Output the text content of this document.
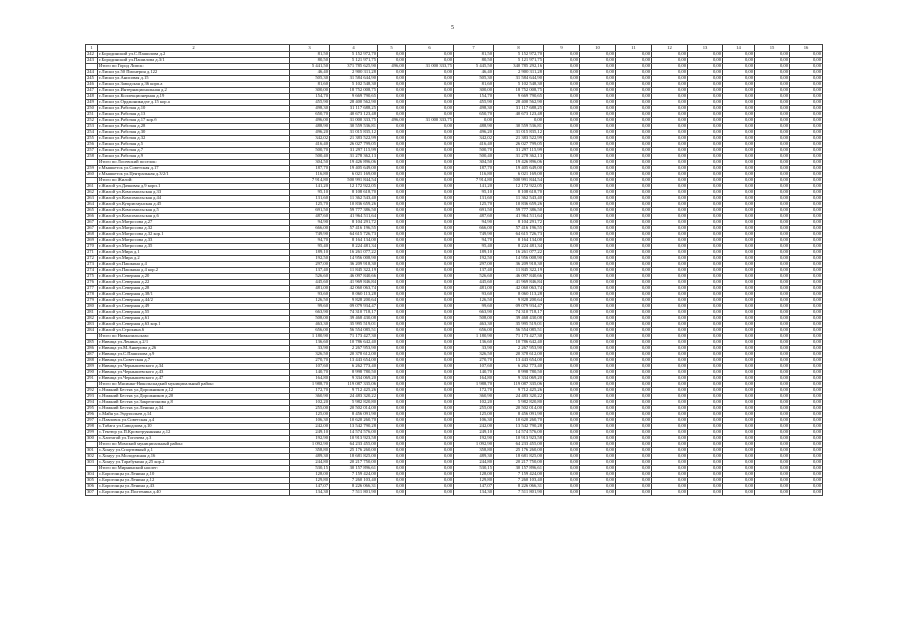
5
1	2	3	4	5	6	7	8	9	10	11	12	13	14	15	16
242	г.Бородинский ул.С.Пашилова д.2	81,50	5 152 972,70	0,00	0,00	81,50	5 152 972,70	0,00	0,00	0,00	0,00	0,00	0,00	0,00	0,00
243	г.Бородинский ул.Пашилова д.3/1	80,50	5 121 971,75	0,00	0,00	80,50	5 121 971,75	0,00	0,00	0,00	0,00	0,00	0,00	0,00	0,00
	Итого по Город Липск:	5 441,50	371 785 625,90	496,00	31 000 333,75	5 445,50	340 785 292,16	0,00	0,00	0,00	0,00	0,00	0,00	0,00	0,00
244	г.Лиски ул.50 Пионерия д.122	46,40	2 900 311,28	0,00	0,00	46,40	2 900 311,28	0,00	0,00	0,00	0,00	0,00	0,00	0,00	0,00
245	г.Лиски ул.Анисовая д.15	505,30	31 584 644,90	0,00	0,00	505,30	31 584 644,90	0,00	0,00	0,00	0,00	0,00	0,00	0,00	0,00
246	г.Лиски ул.Заводская д.36 корп.а	81,60	5 102 548,30	0,00	0,00	81,60	5 102 548,30	0,00	0,00	0,00	0,00	0,00	0,00	0,00	0,00
247	г.Лиски ул.Интернациональная д.2	300,00	18 752 008,75	0,00	0,00	300,00	18 752 008,75	0,00	0,00	0,00	0,00	0,00	0,00	0,00	0,00
248	г.Лиски ул.Коллекционерная д.19	154,70	9 669 790,65	0,00	0,00	154,70	9 669 790,65	0,00	0,00	0,00	0,00	0,00	0,00	0,00	0,00
249	г.Лиски ул.Орджоникидзе д.15 кор.а	455,90	28 400 562,90	0,00	0,00	455,90	28 400 562,90	0,00	0,00	0,00	0,00	0,00	0,00	0,00	0,00
250	г.Лиски ул.Рабочая д.10	498,30	31 117 688,25	0,00	0,00	498,30	31 117 688,25	0,00	0,00	0,00	0,00	0,00	0,00	0,00	0,00
251	г.Лиски ул.Рабочая д.13	650,70	40 673 123,48	0,00	0,00	650,70	40 673 123,48	0,00	0,00	0,00	0,00	0,00	0,00	0,00	0,00
252	г.Лиски ул.Рабочая д.17 кор.б	496,00	31 000 333,75	496,00	31 000 333,75	0,00	0,00	0,00	0,00	0,00	0,00	0,00	0,00	0,00	0,00
253	г.Лиски ул.Рабочая д.28	488,90	30 559 536,81	0,00	0,00	488,90	30 559 536,81	0,00	0,00	0,00	0,00	0,00	0,00	0,00	0,00
254	г.Лиски ул.Рабочая д.30	496,20	31 015 835,12	0,00	0,00	496,20	31 015 835,12	0,00	0,00	0,00	0,00	0,00	0,00	0,00	0,00
255	г.Лиски ул.Рабочая д.32	342,02	21 383 522,99	0,00	0,00	342,02	21 383 522,99	0,00	0,00	0,00	0,00	0,00	0,00	0,00	0,00
256	г.Лиски ул.Рабочая д.5	416,40	26 027 799,05	0,00	0,00	416,40	26 027 799,05	0,00	0,00	0,00	0,00	0,00	0,00	0,00	0,00
257	г.Лиски ул.Рабочая д.7	500,70	31 297 115,99	0,00	0,00	500,70	31 297 115,99	0,00	0,00	0,00	0,00	0,00	0,00	0,00	0,00
258	г.Лиски ул.Рабочая д.9	500,40	31 278 362,13	0,00	0,00	500,40	31 278 362,13	0,00	0,00	0,00	0,00	0,00	0,00	0,00	0,00
	Итого по Лосевский поселок:	304,50	19 426 896,06	0,00	0,00	304,50	19 426 896,06	0,00	0,00	0,00	0,00	0,00	0,00	0,00	0,00
259	г.Мышкетск ул.Советская д.17	187,70	19 405 649,00	0,00	0,00	187,70	19 405 649,00	0,00	0,00	0,00	0,00	0,00	0,00	0,00	0,00
260	г.Мышкетск ул.Центральная д.3/2/1	116,80	6 021 169,00	0,00	0,00	116,80	6 021 169,00	0,00	0,00	0,00	0,00	0,00	0,00	0,00	0,00
	Итого по Жилой:	7 914,80	500 991 844,54	0,00	0,00	7 914,80	500 991 844,54	0,00	0,00	0,00	0,00	0,00	0,00	0,00	0,00
261	г.Жилой ул.Дачковая д.9 корп.1	141,20	12 172 922,05	0,00	0,00	141,20	12 172 922,05	0,00	0,00	0,00	0,00	0,00	0,00	0,00	0,00
262	г.Жилой ул.Комсомольская д.33	95,10	8 108 618,70	0,00	0,00	95,10	8 108 618,70	0,00	0,00	0,00	0,00	0,00	0,00	0,00	0,00
263	г.Жилой ул.Комсомольская д.44	131,60	11 362 543,40	0,00	0,00	131,60	11 362 543,40	0,00	0,00	0,00	0,00	0,00	0,00	0,00	0,00
264	г.Жилой ул.Куприсмунская д.45	125,70	10 836 659,26	0,00	0,00	125,70	10 836 659,26	0,00	0,00	0,00	0,00	0,00	0,00	0,00	0,00
265	г.Жилой ул.Комсомольская д.5	691,50	59 777 386,50	0,00	0,00	691,50	59 777 386,50	0,00	0,00	0,00	0,00	0,00	0,00	0,00	0,00
266	г.Жилой ул.Комсомольская д.6	487,60	41 964 511,64	0,00	0,00	487,60	41 964 511,64	0,00	0,00	0,00	0,00	0,00	0,00	0,00	0,00
267	г.Жилой ул.Матросова д.27	94,90	8 104 291,72	0,00	0,00	94,90	8 104 291,72	0,00	0,00	0,00	0,00	0,00	0,00	0,00	0,00
267	г.Жилой ул.Матросова д.32	666,00	57 416 196,55	0,00	0,00	666,00	57 416 196,55	0,00	0,00	0,00	0,00	0,00	0,00	0,00	0,00
268	г.Жилой ул.Матросова д.32 кор.1	749,90	64 615 726,73	0,00	0,00	749,90	64 615 726,73	0,00	0,00	0,00	0,00	0,00	0,00	0,00	0,00
269	г.Жилой ул.Матросова д.33	94,70	8 164 134,00	0,00	0,00	94,70	8 164 134,00	0,00	0,00	0,00	0,00	0,00	0,00	0,00	0,00
270	г.Жилой ул.Матросова д.35	95,40	8 224 481,34	0,00	0,00	95,40	8 224 481,34	0,00	0,00	0,00	0,00	0,00	0,00	0,00	0,00
271	г.Жилой ул.Мира д.1	189,10	16 261 077,22	0,00	0,00	189,10	16 261 077,22	0,00	0,00	0,00	0,00	0,00	0,00	0,00	0,00
272	г.Жилой ул.Мира д.2	192,50	14 956 008,90	0,00	0,00	192,50	14 956 008,90	0,00	0,00	0,00	0,00	0,00	0,00	0,00	0,00
273	г.Жилой ул.Пашкина д.4	297,00	36 209 918,30	0,00	0,00	297,00	36 209 918,30	0,00	0,00	0,00	0,00	0,00	0,00	0,00	0,00
274	г.Жилой ул.Пашкина д.4 кор.2	137,40	11 845 322,19	0,00	0,00	137,40	11 845 322,19	0,00	0,00	0,00	0,00	0,00	0,00	0,00	0,00
275	г.Жилой ул.Северная д.20	526,60	46 097 840,66	0,00	0,00	526,60	46 097 840,66	0,00	0,00	0,00	0,00	0,00	0,00	0,00	0,00
276	г.Жилой ул.Северная д.22	445,60	41 969 846,84	0,00	0,00	445,60	41 969 846,84	0,00	0,00	0,00	0,00	0,00	0,00	0,00	0,00
277	г.Жилой ул.Северная д.28	481,00	42 060 063,74	0,00	0,00	481,00	42 060 063,74	0,00	0,00	0,00	0,00	0,00	0,00	0,00	0,00
278	г.Жилой ул.Северная д.38/1	93,60	8 060 113,28	0,00	0,00	93,60	8 060 113,28	0,00	0,00	0,00	0,00	0,00	0,00	0,00	0,00
279	г.Жилой ул.Северная д.44/2	126,50	9 828 200,64	0,00	0,00	126,50	9 828 200,64	0,00	0,00	0,00	0,00	0,00	0,00	0,00	0,00
280	г.Жилой ул.Северная д.49	99,60	09 079 934,47	0,00	0,00	99,60	09 079 934,47	0,00	0,00	0,00	0,00	0,00	0,00	0,00	0,00
281	г.Жилой ул.Северная д.55	663,90	74 310 718,17	0,00	0,00	663,90	74 310 718,17	0,00	0,00	0,00	0,00	0,00	0,00	0,00	0,00
282	г.Жилой ул.Северная д.61	508,00	39 468 430,08	0,00	0,00	508,00	39 468 430,08	0,00	0,00	0,00	0,00	0,00	0,00	0,00	0,00
283	г.Жилой ул.Северная д.63 кор.1	463,30	35 995 519,01	0,00	0,00	463,30	35 995 519,01	0,00	0,00	0,00	0,00	0,00	0,00	0,00	0,00
284	г.Жилой ул.Строкина.6	656,00	56 554 085,51	0,00	0,00	656,00	56 554 085,51	0,00	0,00	0,00	0,00	0,00	0,00	0,00	0,00
	Итого по Нивказильскам:	1 180,90	71 173 427,30	0,00	0,00	1 180,90	71 173 427,30	0,00	0,00	0,00	0,00	0,00	0,00	0,00	0,00
285	г.Нивица ул.Ленина д.2/1	136,60	10 786 642,40	0,00	0,00	136,60	10 786 642,40	0,00	0,00	0,00	0,00	0,00	0,00	0,00	0,00
286	г.Нивица ул.М.Анкерова д.26	33,90	2 267 953,90	0,00	0,00	33,90	2 267 953,90	0,00	0,00	0,00	0,00	0,00	0,00	0,00	0,00
287	г.Нивица ул.С.Пашилова д.9	326,50	20 378 612,00	0,00	0,00	326,50	20 378 612,00	0,00	0,00	0,00	0,00	0,00	0,00	0,00	0,00
288	г.Нивица ул.Советская д.7	270,70	13 443 654,00	0,00	0,00	270,70	13 443 654,00	0,00	0,00	0,00	0,00	0,00	0,00	0,00	0,00
289	г.Нивица ул.Чернышевского д.34	107,60	6 262 773,40	0,00	0,00	107,60	6 262 773,40	0,00	0,00	0,00	0,00	0,00	0,00	0,00	0,00
290	г.Нивица ул.Чернышевского д.43	140,70	8 998 780,50	0,00	0,00	140,70	8 998 780,50	0,00	0,00	0,00	0,00	0,00	0,00	0,00	0,00
291	г.Нивица ул.Чернышевского д.47	164,80	9 334 069,20	0,00	0,00	164,80	9 334 069,20	0,00	0,00	0,00	0,00	0,00	0,00	0,00	0,00
	Итого по Мясинко-Никольскадкий муниципальный район:	1 988,70	119 087 335,06	0,00	0,00	1 988,70	119 087 335,06	0,00	0,00	0,00	0,00	0,00	0,00	0,00	0,00
292	с.Нижний Бестях ул.Дорожников д.12	172,70	9 712 425,26	0,00	0,00	172,70	9 712 425,26	0,00	0,00	0,00	0,00	0,00	0,00	0,00	0,00
293	с.Нижний Бестях ул.Дорожников д.20	360,90	24 483 320,22	0,00	0,00	360,90	24 483 320,22	0,00	0,00	0,00	0,00	0,00	0,00	0,00	0,00
294	с.Нижний Бестях ул.Закрепгонова д.8	102,20	5 982 820,80	0,00	0,00	102,20	5 982 820,80	0,00	0,00	0,00	0,00	0,00	0,00	0,00	0,00
295	с.Нижний Бестях ул.Ленина д.34	255,00	20 502 014,00	0,00	0,00	255,00	20 502 014,00	0,00	0,00	0,00	0,00	0,00	0,00	0,00	0,00
296	с.Майя ул.Ээдупольев д.14	125,00	8 456 091,90	0,00	0,00	125,00	8 456 091,90	0,00	0,00	0,00	0,00	0,00	0,00	0,00	0,00
297	с.Павловск ул.Советская д.4	106,30	10 620 260,70	0,00	0,00	106,30	10 620 260,70	0,00	0,00	0,00	0,00	0,00	0,00	0,00	0,00
298	с.Табага ул.Саводлова д.10	242,00	13 542 790,28	0,00	0,00	242,00	13 542 790,28	0,00	0,00	0,00	0,00	0,00	0,00	0,00	0,00
299	с.Тектюр ул.П.Кровотруянняны д.12	249,10	14 574 576,00	0,00	0,00	249,10	14 574 576,00	0,00	0,00	0,00	0,00	0,00	0,00	0,00	0,00
300	с.Хаптагай ул.Тогочева д.3	192,90	10 913 923,58	0,00	0,00	192,90	10 913 923,58	0,00	0,00	0,00	0,00	0,00	0,00	0,00	0,00
	Итого по Момский муниципальный район:	1 092,90	64 233 455,00	0,00	0,00	1 092,90	64 233 455,00	0,00	0,00	0,00	0,00	0,00	0,00	0,00	0,00
301	с.Хонуу ул.Спортивный д.1	358,80	25 176 260,00	0,00	0,00	358,80	25 176 260,00	0,00	0,00	0,00	0,00	0,00	0,00	0,00	0,00
302	с.Хонуу ул.Молодежная д.16	489,30	18 681 825,00	0,00	0,00	489,30	18 681 825,00	0,00	0,00	0,00	0,00	0,00	0,00	0,00	0,00
303	с.Хонуу ул.Тарабукина д.25 кор.2	244,80	20 217 750,00	0,00	0,00	244,80	20 217 750,00	0,00	0,00	0,00	0,00	0,00	0,00	0,00	0,00
	Итого по Мирнинский наслег:	530,15	30 157 896,61	0,00	0,00	530,15	30 157 896,61	0,00	0,00	0,00	0,00	0,00	0,00	0,00	0,00
304	с.Борогонцы ул.Ленина д.10	128,00	7 159 424,00	0,00	0,00	128,00	7 159 424,00	0,00	0,00	0,00	0,00	0,00	0,00	0,00	0,00
305	с.Борогонцы ул.Ленина д.12	129,80	7 260 103,40	0,00	0,00	129,80	7 260 103,40	0,00	0,00	0,00	0,00	0,00	0,00	0,00	0,00
306	с.Борогонцы ул.Ленина д.43	147,07	8 226 066,31	0,00	0,00	147,07	8 226 066,31	0,00	0,00	0,00	0,00	0,00	0,00	0,00	0,00
307	с.Борогонцы ул.Полтеника д.40	134,30	7 511 801,90	0,00	0,00	134,30	7 511 801,90	0,00	0,00	0,00	0,00	0,00	0,00	0,00	0,00
